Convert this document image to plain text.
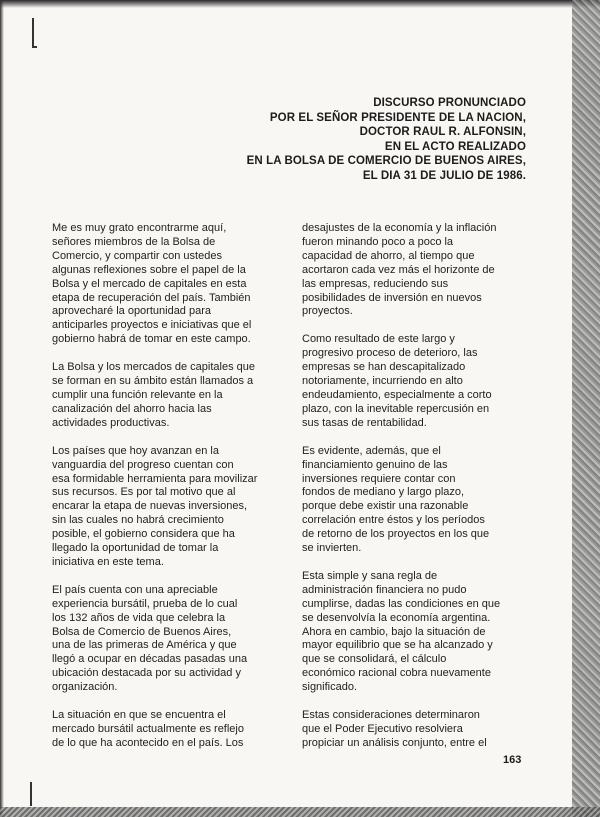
DISCURSO PRONUNCIADO
POR EL SEÑOR PRESIDENTE DE LA NACION,
DOCTOR RAUL R. ALFONSIN,
EN EL ACTO REALIZADO
EN LA BOLSA DE COMERCIO DE BUENOS AIRES,
EL DIA 31 DE JULIO DE 1986.

Me es muy grato encontrarme aquí,
señores miembros de la Bolsa de
Comercio, y compartir con ustedes
algunas reflexiones sobre el papel de la
Bolsa y el mercado de capitales en esta
etapa de recuperación del país. También
aprovecharé la oportunidad para
anticiparles proyectos e iniciativas que el
gobierno habrá de tomar en este campo.

La Bolsa y los mercados de capitales que
se forman en su ámbito están llamados a
cumplir una función relevante en la
canalización del ahorro hacia las
actividades productivas.

Los países que hoy avanzan en la
vanguardia del progreso cuentan con
esa formidable herramienta para movilizar
sus recursos. Es por tal motivo que al
encarar la etapa de nuevas inversiones,
sin las cuales no habrá crecimiento
posible, el gobierno considera que ha
llegado la oportunidad de tomar la
iniciativa en este tema.

El país cuenta con una apreciable
experiencia bursátil, prueba de lo cual
los 132 años de vida que celebra la
Bolsa de Comercio de Buenos Aires,
una de las primeras de América y que
llegó a ocupar en décadas pasadas una
ubicación destacada por su actividad y
organización.

La situación en que se encuentra el
mercado bursátil actualmente es reflejo
de lo que ha acontecido en el país. Los

desajustes de la economía y la inflación
fueron minando poco a poco la
capacidad de ahorro, al tiempo que
acortaron cada vez más el horizonte de
las empresas, reduciendo sus
posibilidades de inversión en nuevos
proyectos.

Como resultado de este largo y
progresivo proceso de deterioro, las
empresas se han descapitalizado
notoriamente, incurriendo en alto
endeudamiento, especialmente a corto
plazo, con la inevitable repercusión en
sus tasas de rentabilidad.

Es evidente, además, que el
financiamiento genuino de las
inversiones requiere contar con
fondos de mediano y largo plazo,
porque debe existir una razonable
correlación entre éstos y los períodos
de retorno de los proyectos en los que
se invierten.

Esta simple y sana regla de
administración financiera no pudo
cumplirse, dadas las condiciones en que
se desenvolvía la economía argentina.
Ahora en cambio, bajo la situación de
mayor equilibrio que se ha alcanzado y
que se consolidará, el cálculo
económico racional cobra nuevamente
significado.

Estas consideraciones determinaron
que el Poder Ejecutivo resolviera
propiciar un análisis conjunto, entre el

163
